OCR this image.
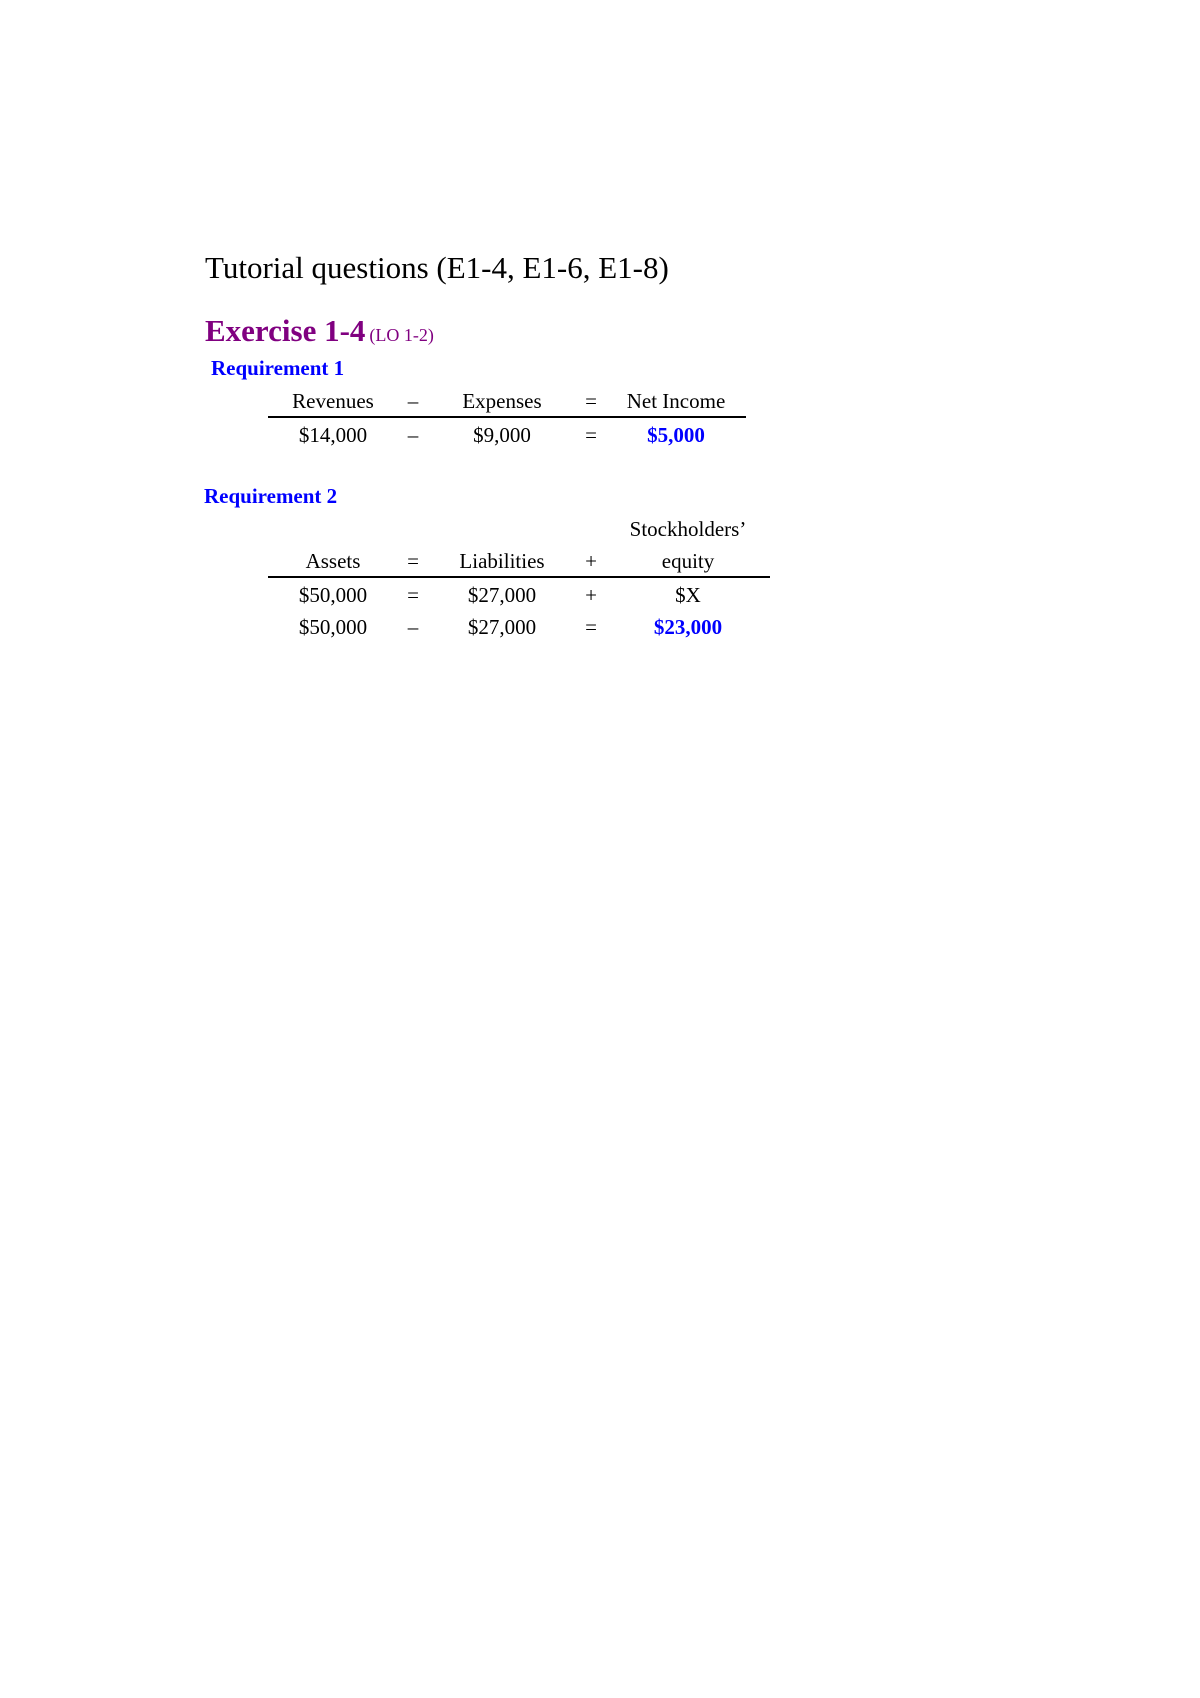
Tutorial questions (E1-4, E1-6, E1-8)
Exercise 1-4 (LO 1-2)
Requirement 1
Revenues	–	Expenses	=	Net Income
$14,000	–	$9,000	=	$5,000
Requirement 2
Stockholders’
Assets	=	Liabilities	+	equity
$50,000	=	$27,000	+	$X
$50,000	–	$27,000	=	$23,000
